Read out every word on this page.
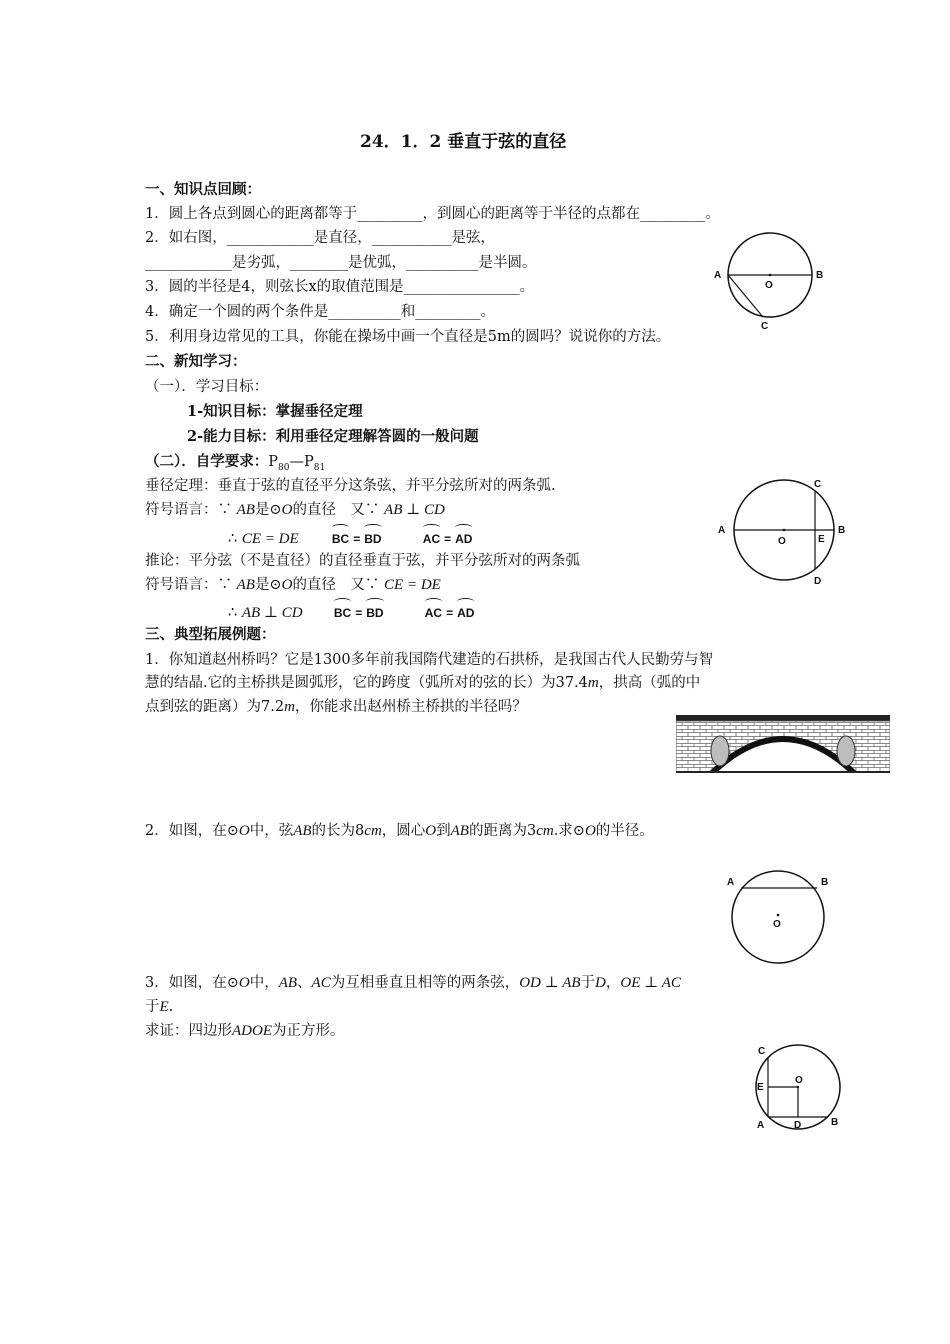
24．1．2 垂直于弦的直径
一、知识点回顾：
1．圆上各点到圆心的距离都等于_________，到圆心的距离等于半径的点都在_________。
2．如右图，____________是直径，___________是弦，
____________是劣弧，________是优弧，__________是半圆。
3．圆的半径是4，则弦长x的取值范围是________________。
4．确定一个圆的两个条件是__________和_________。
5．利用身边常见的工具，你能在操场中画一个直径是5m的圆吗？说说你的方法。
A	B
O
C
二、新知学习：
（一）．学习目标：
1-知识目标：掌握垂径定理
2-能力目标：利用垂径定理解答圆的一般问题
（二）．自学要求：$P_{80}—P_{81}$
垂径定理：垂直于弦的直径平分这条弦，并平分弦所对的两条弧.
符号语言：∵ AB是⊙O的直径　又∵ AB ⊥ CD
∴ CE = DE	BC = BD	AC = AD
推论：平分弦（不是直径）的直径垂直于弦，并平分弦所对的两条弧
符号语言：∵ AB是⊙O的直径　又∵ CE = DE
∴ AB ⊥ CD	BC = BD	AC = AD
A	B
O
C
D
E
三、典型拓展例题：
1．你知道赵州桥吗？它是1300多年前我国隋代建造的石拱桥，是我国古代人民勤劳与智
慧的结晶.它的主桥拱是圆弧形，它的跨度（弧所对的弦的长）为37.4m，拱高（弧的中
点到弦的距离）为7.2m，你能求出赵州桥主桥拱的半径吗？
2．如图，在⊙O中，弦AB的长为8cm，圆心O到AB的距离为3cm.求⊙O的半径。
A	B
O
3．如图，在⊙O中，AB、AC为互相垂直且相等的两条弦，OD ⊥ AB于D，OE ⊥ AC
于E.
求证：四边形ADOE为正方形。
C
E
O
A	D	B
